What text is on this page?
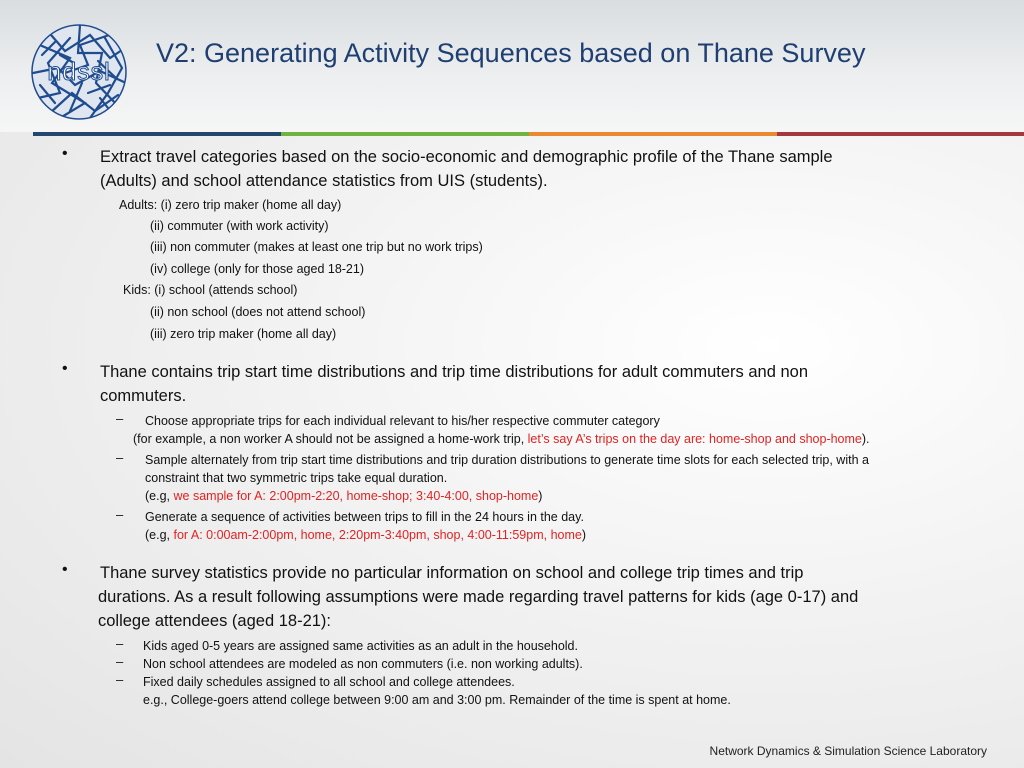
ndssl
V2: Generating Activity Sequences based on Thane Survey
• Extract travel categories based on the socio-economic and demographic profile of the Thane sample
(Adults) and school attendance statistics from UIS (students).
Adults: (i) zero trip maker (home all day)
(ii) commuter (with work activity)
(iii) non commuter (makes at least one trip but no work trips)
(iv) college (only for those aged 18-21)
Kids: (i) school (attends school)
(ii) non school (does not attend school)
(iii) zero trip maker (home all day)
• Thane contains trip start time distributions and trip time distributions for adult commuters and non
commuters.
– Choose appropriate trips for each individual relevant to his/her respective commuter category
(for example, a non worker A should not be assigned a home-work trip, let’s say A’s trips on the day are: home-shop and shop-home).
– Sample alternately from trip start time distributions and trip duration distributions to generate time slots for each selected trip, with a
constraint that two symmetric trips take equal duration.
(e.g, we sample for A: 2:00pm-2:20, home-shop; 3:40-4:00, shop-home)
– Generate a sequence of activities between trips to fill in the 24 hours in the day.
(e.g, for A: 0:00am-2:00pm, home, 2:20pm-3:40pm, shop, 4:00-11:59pm, home)
• Thane survey statistics provide no particular information on school and college trip times and trip
durations. As a result following assumptions were made regarding travel patterns for kids (age 0-17) and
college attendees (aged 18-21):
– Kids aged 0-5 years are assigned same activities as an adult in the household.
– Non school attendees are modeled as non commuters (i.e. non working adults).
– Fixed daily schedules assigned to all school and college attendees.
e.g., College-goers attend college between 9:00 am and 3:00 pm. Remainder of the time is spent at home.
Network Dynamics & Simulation Science Laboratory
